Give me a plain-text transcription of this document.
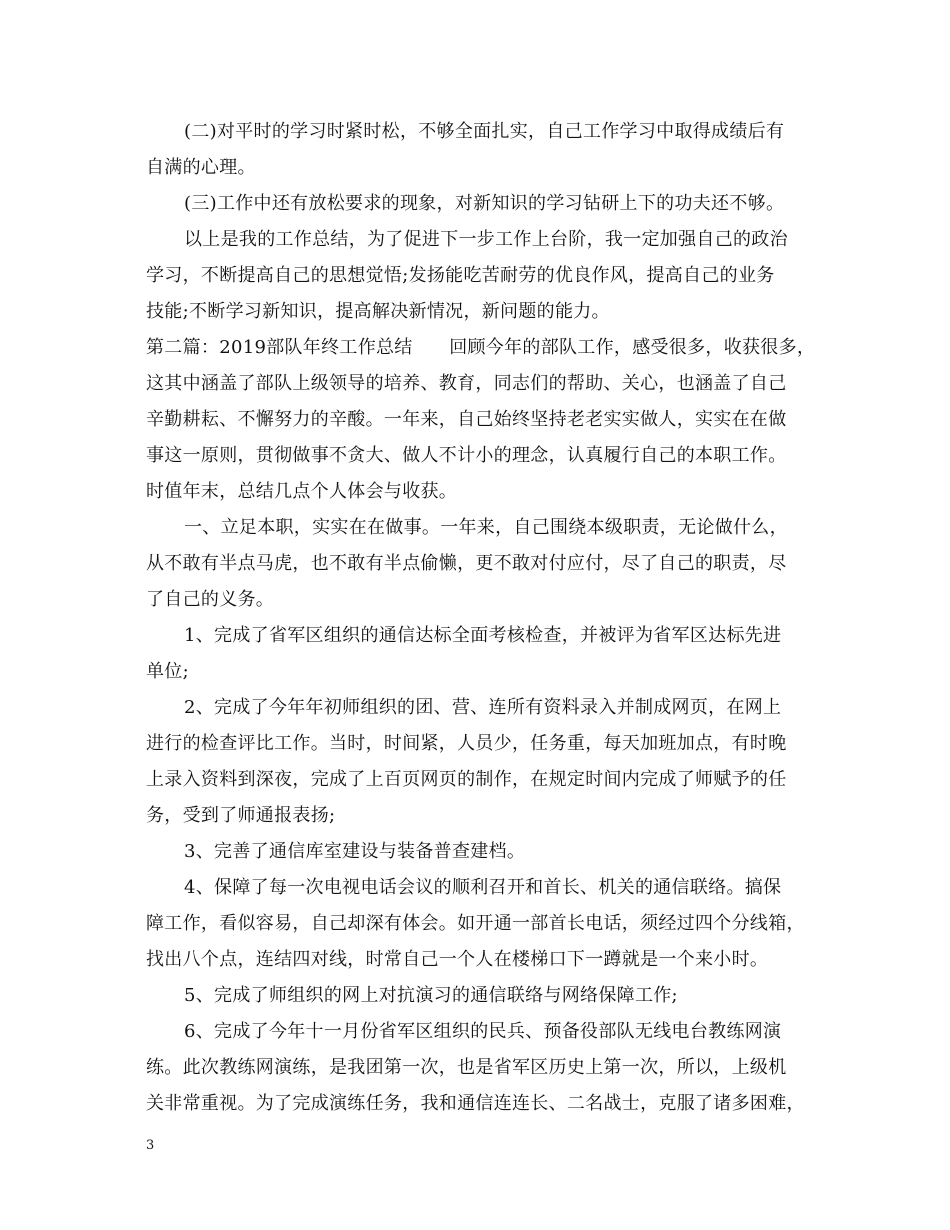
(二)对平时的学习时紧时松，不够全面扎实，自己工作学习中取得成绩后有
自满的心理。
(三)工作中还有放松要求的现象，对新知识的学习钻研上下的功夫还不够。
以上是我的工作总结，为了促进下一步工作上台阶，我一定加强自己的政治
学习，不断提高自己的思想觉悟;发扬能吃苦耐劳的优良作风，提高自己的业务
技能;不断学习新知识，提高解决新情况，新问题的能力。
第二篇：2019部队年终工作总结　　回顾今年的部队工作，感受很多，收获很多，
这其中涵盖了部队上级领导的培养、教育，同志们的帮助、关心，也涵盖了自己
辛勤耕耘、不懈努力的辛酸。一年来，自己始终坚持老老实实做人，实实在在做
事这一原则，贯彻做事不贪大、做人不计小的理念，认真履行自己的本职工作。
时值年末，总结几点个人体会与收获。
一、立足本职，实实在在做事。一年来，自己围绕本级职责，无论做什么，
从不敢有半点马虎，也不敢有半点偷懒，更不敢对付应付，尽了自己的职责，尽
了自己的义务。
1、完成了省军区组织的通信达标全面考核检查，并被评为省军区达标先进
单位;
2、完成了今年年初师组织的团、营、连所有资料录入并制成网页，在网上
进行的检查评比工作。当时，时间紧，人员少，任务重，每天加班加点，有时晚
上录入资料到深夜，完成了上百页网页的制作，在规定时间内完成了师赋予的任
务，受到了师通报表扬;
3、完善了通信库室建设与装备普查建档。
4、保障了每一次电视电话会议的顺利召开和首长、机关的通信联络。搞保
障工作，看似容易，自己却深有体会。如开通一部首长电话，须经过四个分线箱，
找出八个点，连结四对线，时常自己一个人在楼梯口下一蹲就是一个来小时。
5、完成了师组织的网上对抗演习的通信联络与网络保障工作;
6、完成了今年十一月份省军区组织的民兵、预备役部队无线电台教练网演
练。此次教练网演练，是我团第一次，也是省军区历史上第一次，所以，上级机
关非常重视。为了完成演练任务，我和通信连连长、二名战士，克服了诸多困难，
3
